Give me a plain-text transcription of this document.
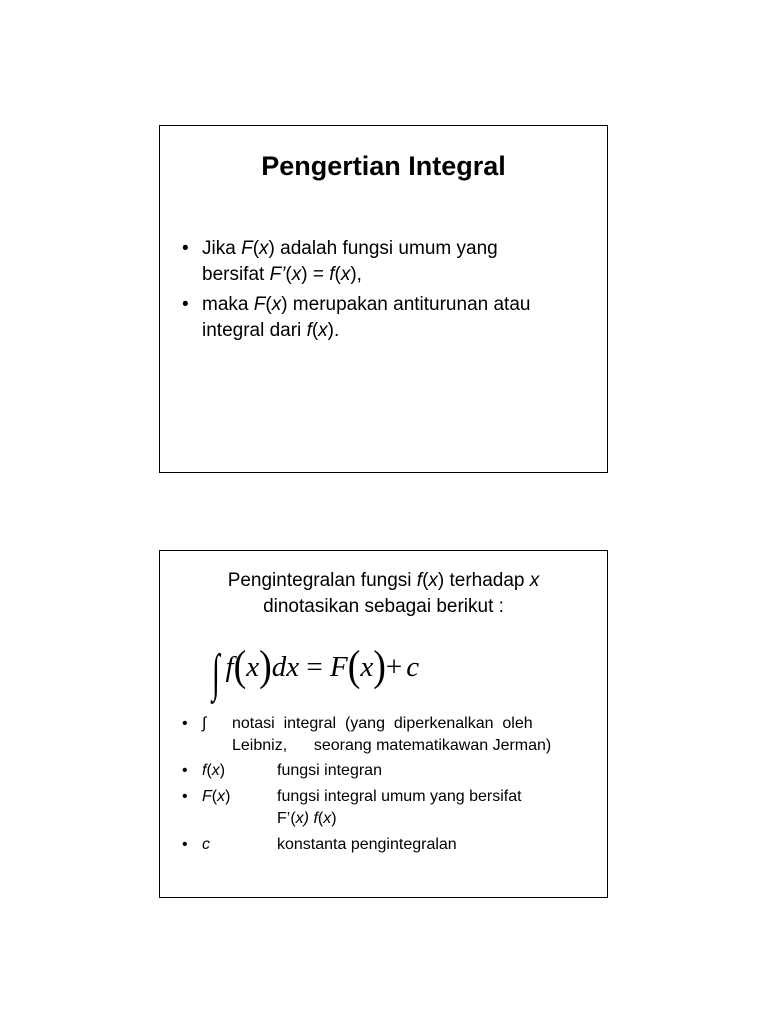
Pengertian Integral
• Jika F(x) adalah fungsi umum yang
bersifat F’(x) = f(x),
• maka F(x) merupakan antiturunan atau
integral dari f(x).
Pengintegralan fungsi f(x) terhadap x
dinotasikan sebagai berikut :
∫ f(x)dx = F(x)+ c
• ∫ notasi  integral  (yang  diperkenalkan  oleh
Leibniz,      seorang matematikawan Jerman)
• f(x)	fungsi integran
• F(x)	fungsi integral umum yang bersifat
F’(x) f(x)
• c	konstanta pengintegralan
